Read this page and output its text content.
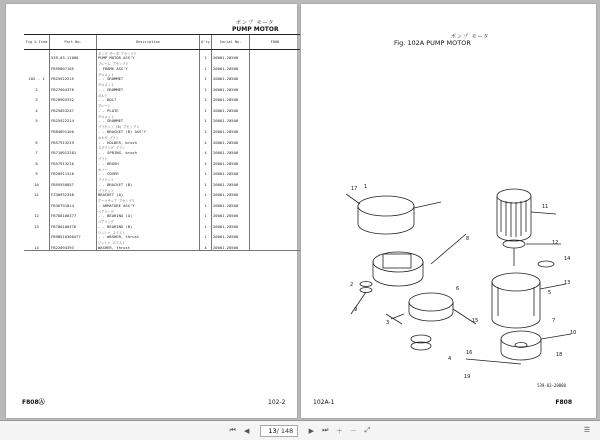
ポンプ モータ
PUMP MOTOR
Fig & Item	Part No.	Description	Q'ty	Serial No.	F808
	539-03-11000	ポンプ モータ アセンブリ
PUMP MOTOR ASS'Y	1	20001-20500	
	FB59007105	フレーム アセンブリ
. FRAME ASS'Y	1	20001-20500	
102 - 1	FB25922215	グロメット
. . GROMMET	1	20001-20500	
2	FB27004376	グロメット
. . GROMMET	1	20001-20500	
3	FB70903332	ボルト
. . BOLT	1	20001-20500	
4	FB25853247	プレート
. . PLATE	1	20001-20500	
5	FB25922214	グロメット
. . GROMMET	1	20001-20500	
	FB84891160	ブラケット (B) アセンブリ
. . BRACKET (B) ASS'Y	1	20001-20500	
6	FB57913219	ホルダ ブラシ
. . HOLDER, brush	4	20001-20500	
7	FB710013281	スプリング ブラシ
. . SPRING, brush	4	20001-20500	
8	FB57913216	ブラシ
. . BRUSH	4	20001-20500	
9	FB20911316	カバー
. . COVER	1	20001-20500	
10	FB59550857	ブラケット
. . BRACKET (B)	1	20001-20500	
11	FZ30932358	ブラケット
BRACKET (A)	1	20001-20500	
	FB30791814	アーマチュア アセンブリ
. ARMATURE ASS'Y	1	20001-20500	
12	FB780100377	ベアリング
. . BEARING (A)	1	20001-20500	
13	FB780100376	ベアリング
. . BEARING (B)	1	20001-20500	
	FB9B510300477	ワッシャ スラスト
. . WASHER, thrust	1	20001-20500	
14	FB22094393	ワッシャ スラスト
WASHER, thrust	4	20001-20500	
F808Ⓐ	102-2
ポンプ モータ
Fig. 102A PUMP MOTOR
1
2
3
4
5
6
7
8
9
10
11
12
13
14
15
16
17
18
19
539-03-20000
102A-1	F808
⏮	◀
13	/ 148	▶	⏭ ＋ －	⤢	☰
